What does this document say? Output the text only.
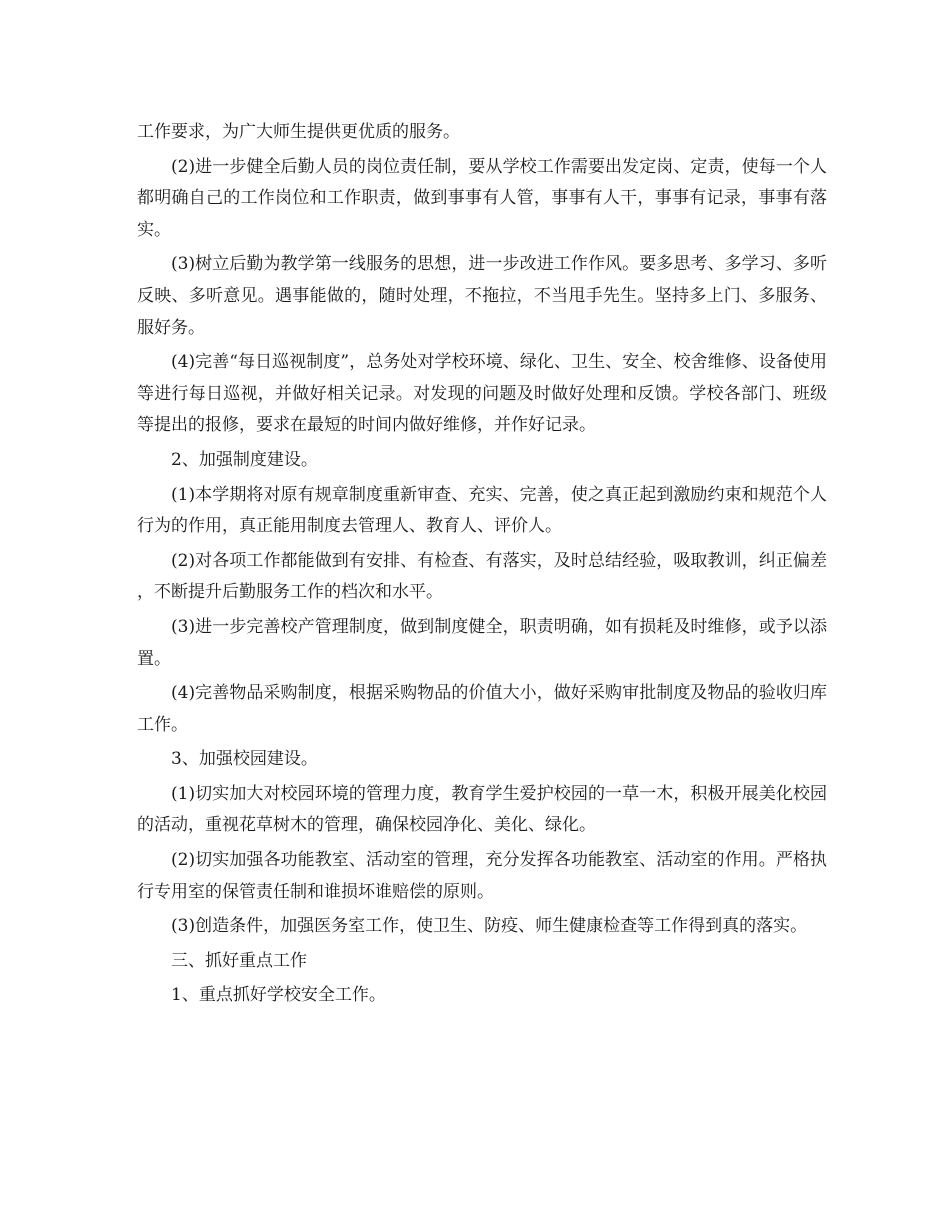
工作要求，为广大师生提供更优质的服务。

(2)进一步健全后勤人员的岗位责任制，要从学校工作需要出发定岗、定责，使每一个人都明确自己的工作岗位和工作职责，做到事事有人管，事事有人干，事事有记录，事事有落实。

(3)树立后勤为教学第一线服务的思想，进一步改进工作作风。要多思考、多学习、多听反映、多听意见。遇事能做的，随时处理，不拖拉，不当甩手先生。坚持多上门、多服务、服好务。

(4)完善“每日巡视制度”，总务处对学校环境、绿化、卫生、安全、校舍维修、设备使用等进行每日巡视，并做好相关记录。对发现的问题及时做好处理和反馈。学校各部门、班级等提出的报修，要求在最短的时间内做好维修，并作好记录。

2、加强制度建设。

(1)本学期将对原有规章制度重新审查、充实、完善，使之真正起到激励约束和规范个人行为的作用，真正能用制度去管理人、教育人、评价人。

(2)对各项工作都能做到有安排、有检查、有落实，及时总结经验，吸取教训，纠正偏差，不断提升后勤服务工作的档次和水平。

(3)进一步完善校产管理制度，做到制度健全，职责明确，如有损耗及时维修，或予以添置。

(4)完善物品采购制度，根据采购物品的价值大小，做好采购审批制度及物品的验收归库工作。

3、加强校园建设。

(1)切实加大对校园环境的管理力度，教育学生爱护校园的一草一木，积极开展美化校园的活动，重视花草树木的管理，确保校园净化、美化、绿化。

(2)切实加强各功能教室、活动室的管理，充分发挥各功能教室、活动室的作用。严格执行专用室的保管责任制和谁损坏谁赔偿的原则。

(3)创造条件，加强医务室工作，使卫生、防疫、师生健康检查等工作得到真的落实。

三、抓好重点工作

1、重点抓好学校安全工作。
